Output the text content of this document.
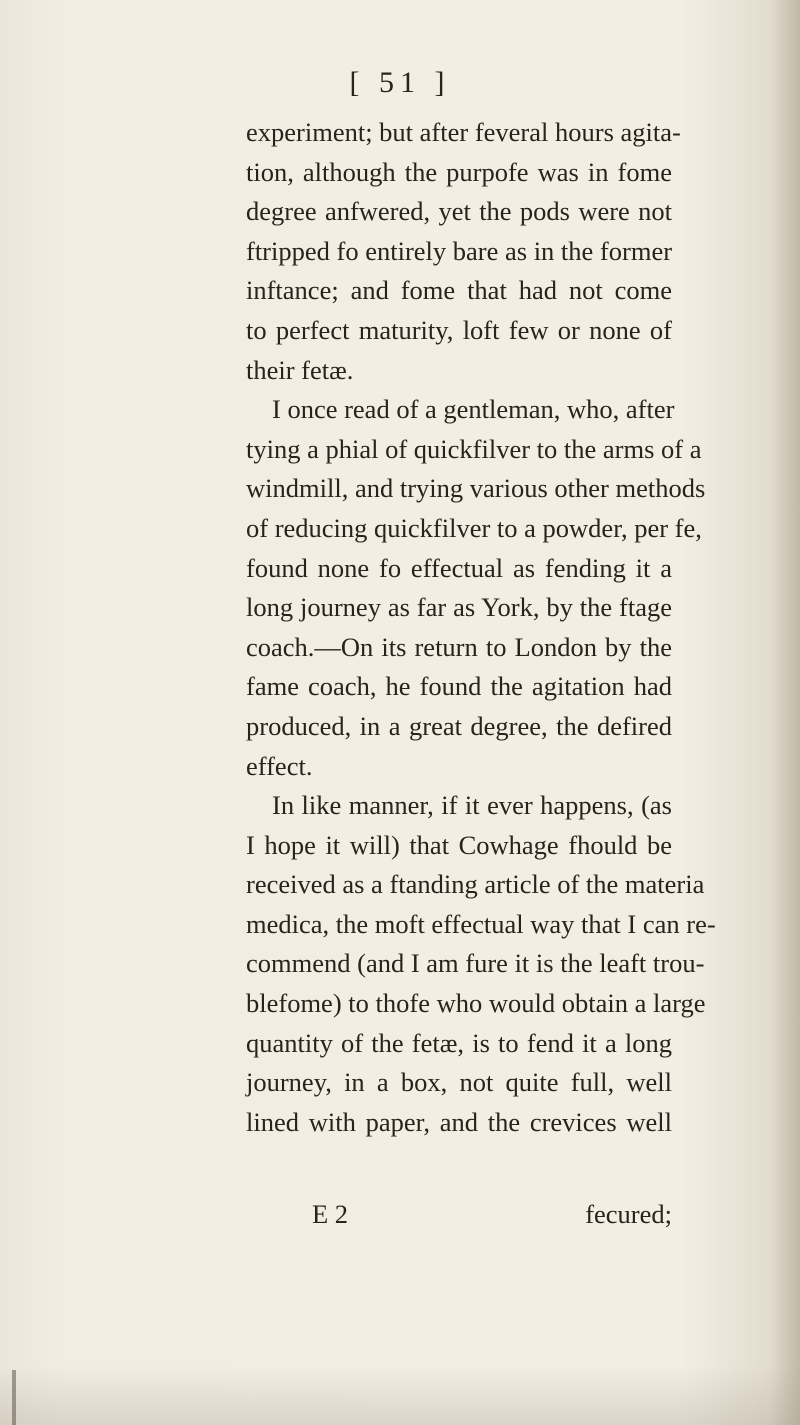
[ 51 ]
experiment; but after feveral hours agita-
tion, although the purpofe was in fome
degree anfwered, yet the pods were not
ftripped fo entirely bare as in the former
inftance; and fome that had not come
to perfect maturity, loft few or none of
their fetæ.
I once read of a gentleman, who, after
tying a phial of quickfilver to the arms of a
windmill, and trying various other methods
of reducing quickfilver to a powder, per fe,
found none fo effectual as fending it a
long journey as far as York, by the ftage
coach.—On its return to London by the
fame coach, he found the agitation had
produced, in a great degree, the defired
effect.
In like manner, if it ever happens, (as
I hope it will) that Cowhage fhould be
received as a ftanding article of the materia
medica, the moft effectual way that I can re-
commend (and I am fure it is the leaft trou-
blefome) to thofe who would obtain a large
quantity of the fetæ, is to fend it a long
journey, in a box, not quite full, well
lined with paper, and the crevices well
E 2	fecured;
